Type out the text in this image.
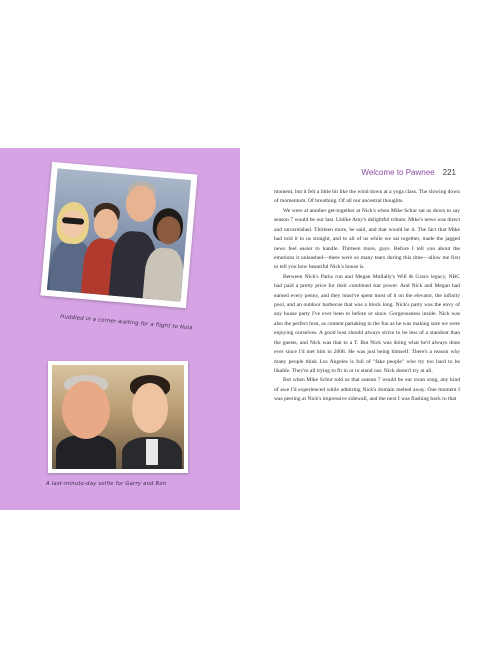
Huddled in a corner waiting for a flight to Nola
A last-minute-day selfie for Garry and Ben
Welcome to Pawnee 221

moment, but it felt a little bit like the wind down at a yoga class. The slowing down of momentum. Of breathing. Of all our ancestral thoughts.

We were at another get-together at Nick's when Mike Schur sat us down to say season 7 would be our last. Unlike Amy's delightful tribute, Mike's news was direct and unvarnished. Thirteen more, he said, and that would be it. The fact that Mike had told it to us straight, and to all of us while we sat together, made the jagged news feel easier to handle. Thirteen more, guys. Before I tell you about the emotions it unleashed—there were so many tears during this time—allow me first to tell you how beautiful Nick's house is.

Between Nick's Parks run and Megan Mullally's Will & Grace legacy, NBC had paid a pretty price for their combined star power. And Nick and Megan had earned every penny, and they must've spent most of it on the elevator, the infinity pool, and an outdoor barbecue that was a block long. Nick's party was the envy of any house party I've ever been to before or since. Gorgeousness inside. Nick was also the perfect host, as content partaking in the fun as he was making sure we were enjoying ourselves. A good host should always strive to be less of a standout than the guests, and Nick was that to a T. But Nick was doing what he'd always done ever since I'd met him in 2008. He was just being himself. There's a reason why many people think Los Angeles is full of "fake people" who try too hard to be likable. They're all trying to fit in or to stand out. Nick doesn't try at all.

But when Mike Schur told us that season 7 would be our swan song, any kind of awe I'd experienced while admiring Nick's domain melted away. One moment I was peering at Nick's impressive sidewall, and the next I was flashing back to that
